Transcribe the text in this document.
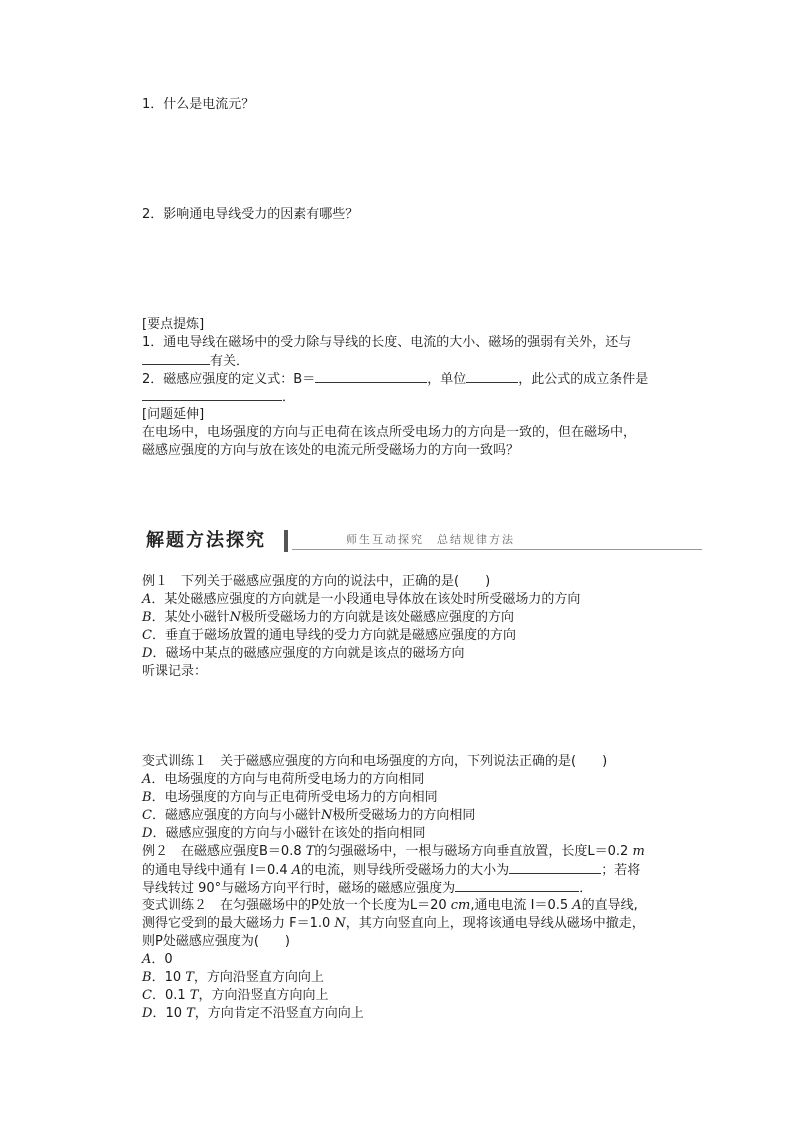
1．什么是电流元？
2．影响通电导线受力的因素有哪些？
[要点提炼]
1．通电导线在磁场中的受力除与导线的长度、电流的大小、磁场的强弱有关外，还与
有关．
2．磁感应强度的定义式：B＝	，单位	，此公式的成立条件是
．
[问题延伸]
在电场中，电场强度的方向与正电荷在该点所受电场力的方向是一致的，但在磁场中，
磁感应强度的方向与放在该处的电流元所受磁场力的方向一致吗？
解题方法探究	师生互动探究　总结规律方法
例１　下列关于磁感应强度的方向的说法中，正确的是(　　)
A．某处磁感应强度的方向就是一小段通电导体放在该处时所受磁场力的方向
B．某处小磁针N极所受磁场力的方向就是该处磁感应强度的方向
C．垂直于磁场放置的通电导线的受力方向就是磁感应强度的方向
D．磁场中某点的磁感应强度的方向就是该点的磁场方向
听课记录：
变式训练１　关于磁感应强度的方向和电场强度的方向，下列说法正确的是(　　)
A．电场强度的方向与电荷所受电场力的方向相同
B．电场强度的方向与正电荷所受电场力的方向相同
C．磁感应强度的方向与小磁针N极所受磁场力的方向相同
D．磁感应强度的方向与小磁针在该处的指向相同
例２　在磁感应强度B＝0.8 T的匀强磁场中，一根与磁场方向垂直放置，长度L＝0.2 m
的通电导线中通有 I＝0.4 A的电流，则导线所受磁场力的大小为	；若将
导线转过 90°与磁场方向平行时，磁场的磁感应强度为	．
变式训练２　在匀强磁场中的P处放一个长度为L＝20 cm,通电电流 I＝0.5 A的直导线,
测得它受到的最大磁场力 F＝1.0 N，其方向竖直向上，现将该通电导线从磁场中撤走，
则P处磁感应强度为(　　)
A．0
B．10 T，方向沿竖直方向向上
C．0.1 T，方向沿竖直方向向上
D．10 T，方向肯定不沿竖直方向向上
